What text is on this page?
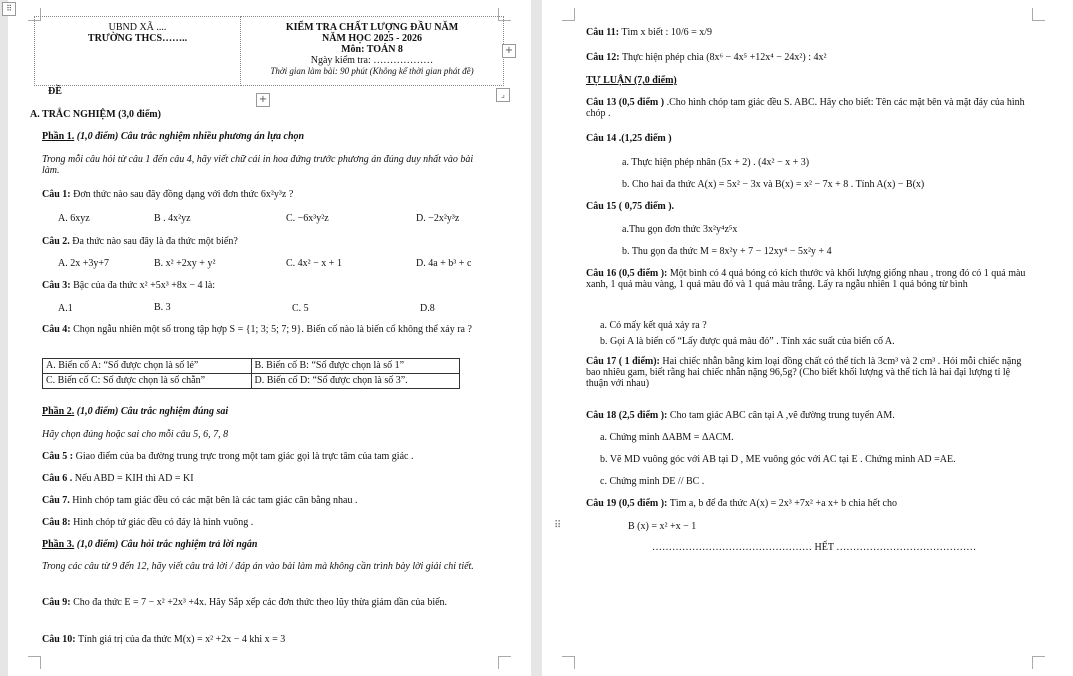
⠿
UBND XÃ ....
TRƯỜNG THCS……..

KIỂM TRA CHẤT LƯỢNG ĐẦU NĂM
NĂM HỌC 2025 - 2026
Môn: TOÁN 8
Ngày kiểm tra: ………………
Thời gian làm bài: 90 phút (Không kể thời gian phát đề)
+
+	⌟
ĐỀ
A. TRẮC NGHIỆM (3,0 điểm)
Phần 1. (1,0 điểm) Câu trắc nghiệm nhiều phương án lựa chọn
Trong mỗi câu hỏi từ câu 1 đến câu 4, hãy viết chữ cái in hoa đứng trước phương án đúng duy nhất vào bài làm.
Câu 1: Đơn thức nào sau đây đồng dạng với đơn thức 6x²y³z ?
A. 6xyz	B . 4x²yz	C. −6x³y²z	D. −2x²y³z
Câu 2. Đa thức nào sau đây là đa thức một biến?
A. 2x +3y+7	B. x² +2xy + y²	C. 4x² − x + 1	D. 4a + b³ + c
Câu 3: Bậc của đa thức x² +5x³ +8x − 4 là:
A.1	B. 3	C. 5	D.8
Câu 4: Chọn ngẫu nhiên một số trong tập hợp S = {1; 3; 5; 7; 9}. Biến cố nào là biến cố không thể xảy ra ?
A. Biến cố A: “Số được chọn là số lẻ”	B. Biến cố B: “Số được chọn là số 1”
C. Biến cố C: Số được chọn là số chẵn”	D. Biến cố D: “Số được chọn là số 3”.
Phần 2. (1,0 điểm) Câu trắc nghiệm đúng sai
Hãy chọn đúng hoặc sai cho mỗi câu 5, 6, 7, 8
Câu 5 : Giao điểm của ba đường trung trực trong một tam giác gọi là trực tâm của tam giác .
Câu 6 . Nếu ABD = KIH thì AD = KI
Câu 7. Hình chóp tam giác đều có các mặt bên là các tam giác cân bằng nhau .
Câu 8: Hình chóp tứ giác đều có đáy là hình vuông .
Phần 3. (1,0 điểm) Câu hỏi trắc nghiệm trả lời ngắn
Trong các câu từ 9 đến 12, hãy viết câu trả lời / đáp án vào bài làm mà không cần trình bày lời giải chi tiết.
Câu 9: Cho đa thức E = 7 − x² +2x³ +4x. Hãy Sắp xếp các đơn thức theo lũy thừa giảm dần của biến.
Câu 10: Tính giá trị của đa thức M(x) = x² +2x − 4 khi x = 3
⠿
Câu 11: Tìm x biết : 10/6 = x/9
Câu 12: Thực hiện phép chia (8x⁶ − 4x⁵ +12x⁴ − 24x²) : 4x²
TỰ LUẬN (7,0 điểm)
Câu 13 (0,5 điểm ) .Cho hình chóp tam giác đều S. ABC. Hãy cho biết: Tên các mặt bên và mặt đáy của hình chóp .
Câu 14 .(1,25 điểm )
a. Thực hiện phép nhân (5x + 2) . (4x² − x + 3)
b. Cho hai đa thức A(x) = 5x² − 3x và B(x) = x² − 7x + 8 . Tính A(x) − B(x)
Câu 15 ( 0,75 điểm ).
a.Thu gọn đơn thức 3x²y⁴z⁵x
b. Thu gọn đa thức M = 8x²y + 7 − 12xy⁴ − 5x²y + 4
Câu 16 (0,5 điểm ): Một bình có 4 quả bóng có kích thước và khối lượng giống nhau , trong đó có 1 quả màu xanh, 1 quả màu vàng, 1 quả màu đỏ và 1 quả màu trắng. Lấy ra ngẫu nhiên 1 quả bóng từ bình
a. Có mấy kết quả xảy ra ?
b. Gọi A là biến cố “Lấy được quả màu đỏ” . Tính xác suất của biến cố A.
Câu 17 ( 1 điểm): Hai chiếc nhẫn bằng kim loại đồng chất có thể tích là 3cm³ và 2 cm³ . Hỏi mỗi chiếc nặng bao nhiêu gam, biết rằng hai chiếc nhẫn nặng 96,5g? (Cho biết khối lượng và thể tích là hai đại lượng tỉ lệ thuận với nhau)
Câu 18 (2,5 điểm ): Cho tam giác ABC cân tại A ,vẽ đường trung tuyến AM.
a. Chứng minh ΔABM = ΔACM.
b. Vẽ MD vuông góc với AB tại D , ME vuông góc với AC tại E . Chứng minh AD =AE.
c. Chứng minh DE // BC .
Câu 19 (0,5 điểm ): Tìm a, b để đa thức A(x) = 2x³ +7x² +a x+ b chia hết cho
B (x) = x² +x − 1
………………………………………… HẾT ……………………………………
